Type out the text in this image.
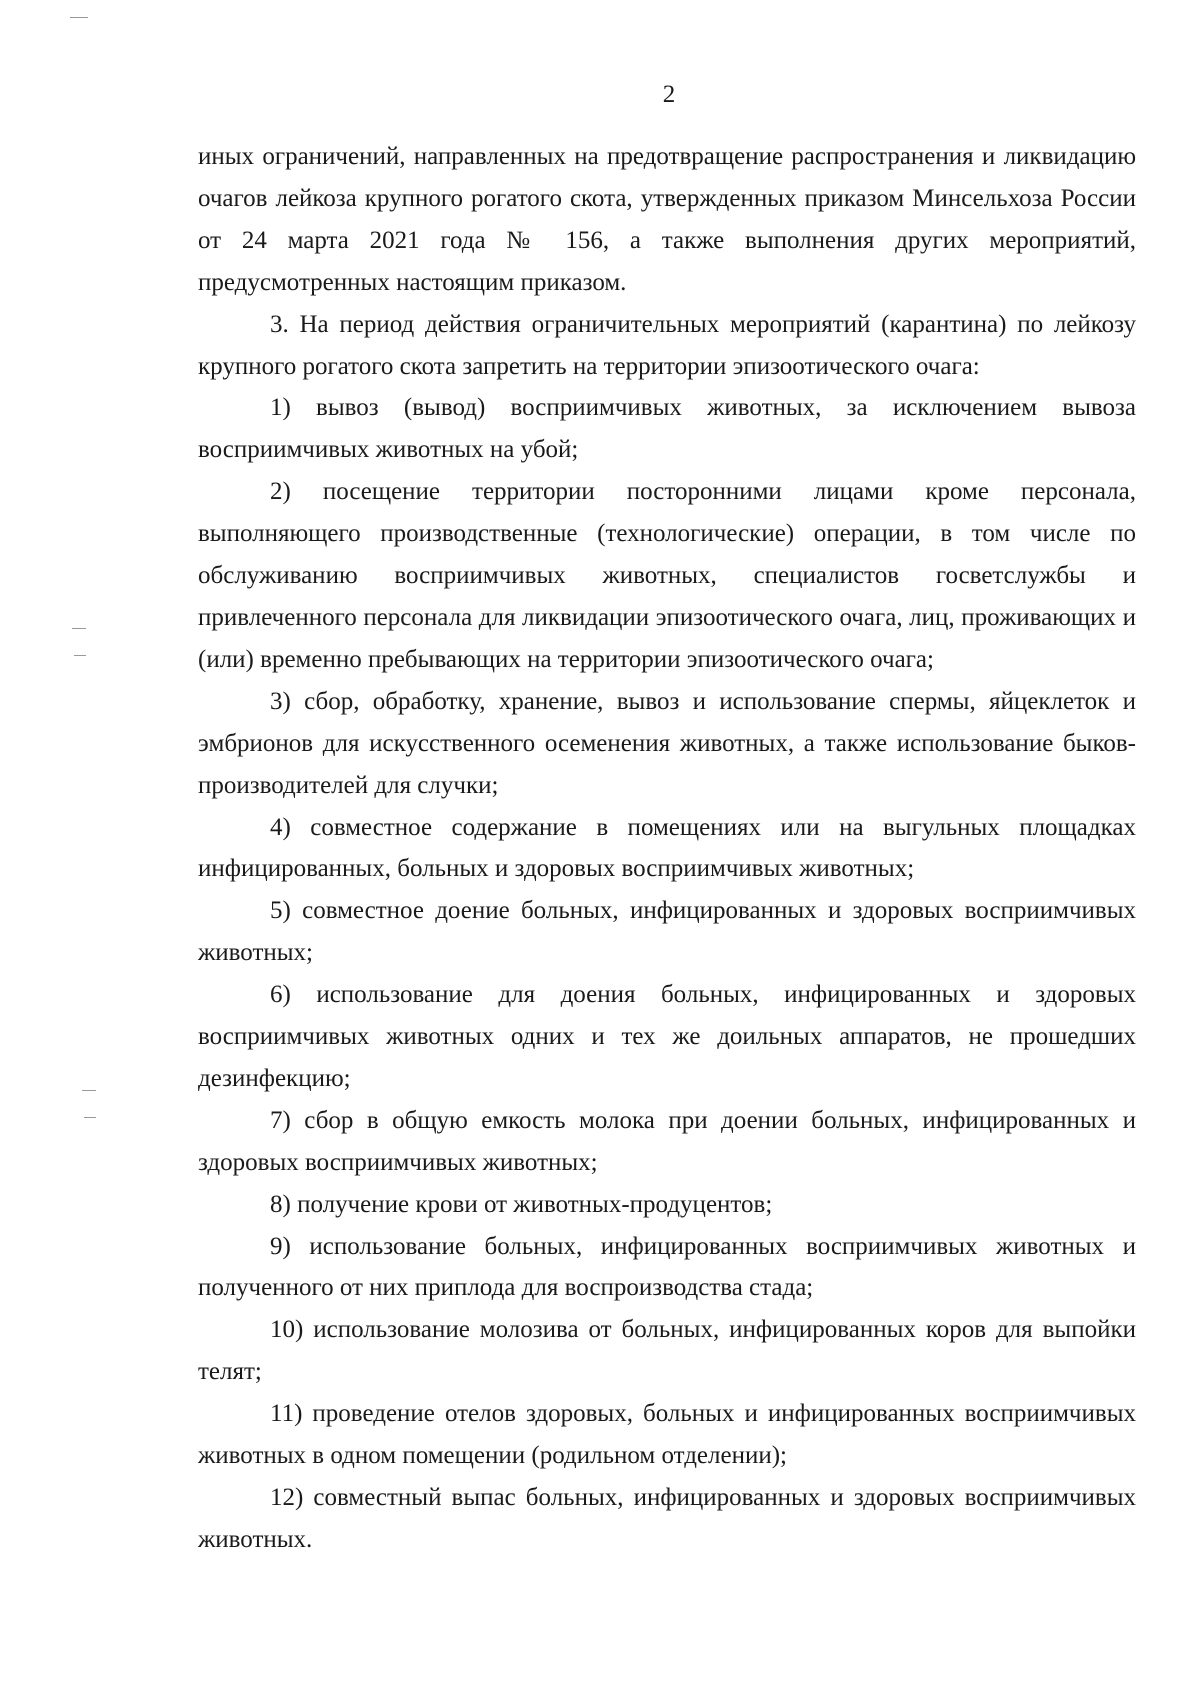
2

иных ограничений, направленных на предотвращение распространения и ликвидацию очагов лейкоза крупного рогатого скота, утвержденных приказом Минсельхоза России от 24 марта 2021 года № 156, а также выполнения других мероприятий, предусмотренных настоящим приказом.

3. На период действия ограничительных мероприятий (карантина) по лейкозу крупного рогатого скота запретить на территории эпизоотического очага:

1) вывоз (вывод) восприимчивых животных, за исключением вывоза восприимчивых животных на убой;

2) посещение территории посторонними лицами кроме персонала, выполняющего производственные (технологические) операции, в том числе по обслуживанию восприимчивых животных, специалистов госветслужбы и привлеченного персонала для ликвидации эпизоотического очага, лиц, проживающих и (или) временно пребывающих на территории эпизоотического очага;

3) сбор, обработку, хранение, вывоз и использование спермы, яйцеклеток и эмбрионов для искусственного осеменения животных, а также использование быков-производителей для случки;

4) совместное содержание в помещениях или на выгульных площадках инфицированных, больных и здоровых восприимчивых животных;

5) совместное доение больных, инфицированных и здоровых восприимчивых животных;

6) использование для доения больных, инфицированных и здоровых восприимчивых животных одних и тех же доильных аппаратов, не прошедших дезинфекцию;

7) сбор в общую емкость молока при доении больных, инфицированных и здоровых восприимчивых животных;

8) получение крови от животных-продуцентов;

9) использование больных, инфицированных восприимчивых животных и полученного от них приплода для воспроизводства стада;

10) использование молозива от больных, инфицированных коров для выпойки телят;

11) проведение отелов здоровых, больных и инфицированных восприимчивых животных в одном помещении (родильном отделении);

12) совместный выпас больных, инфицированных и здоровых восприимчивых животных.
